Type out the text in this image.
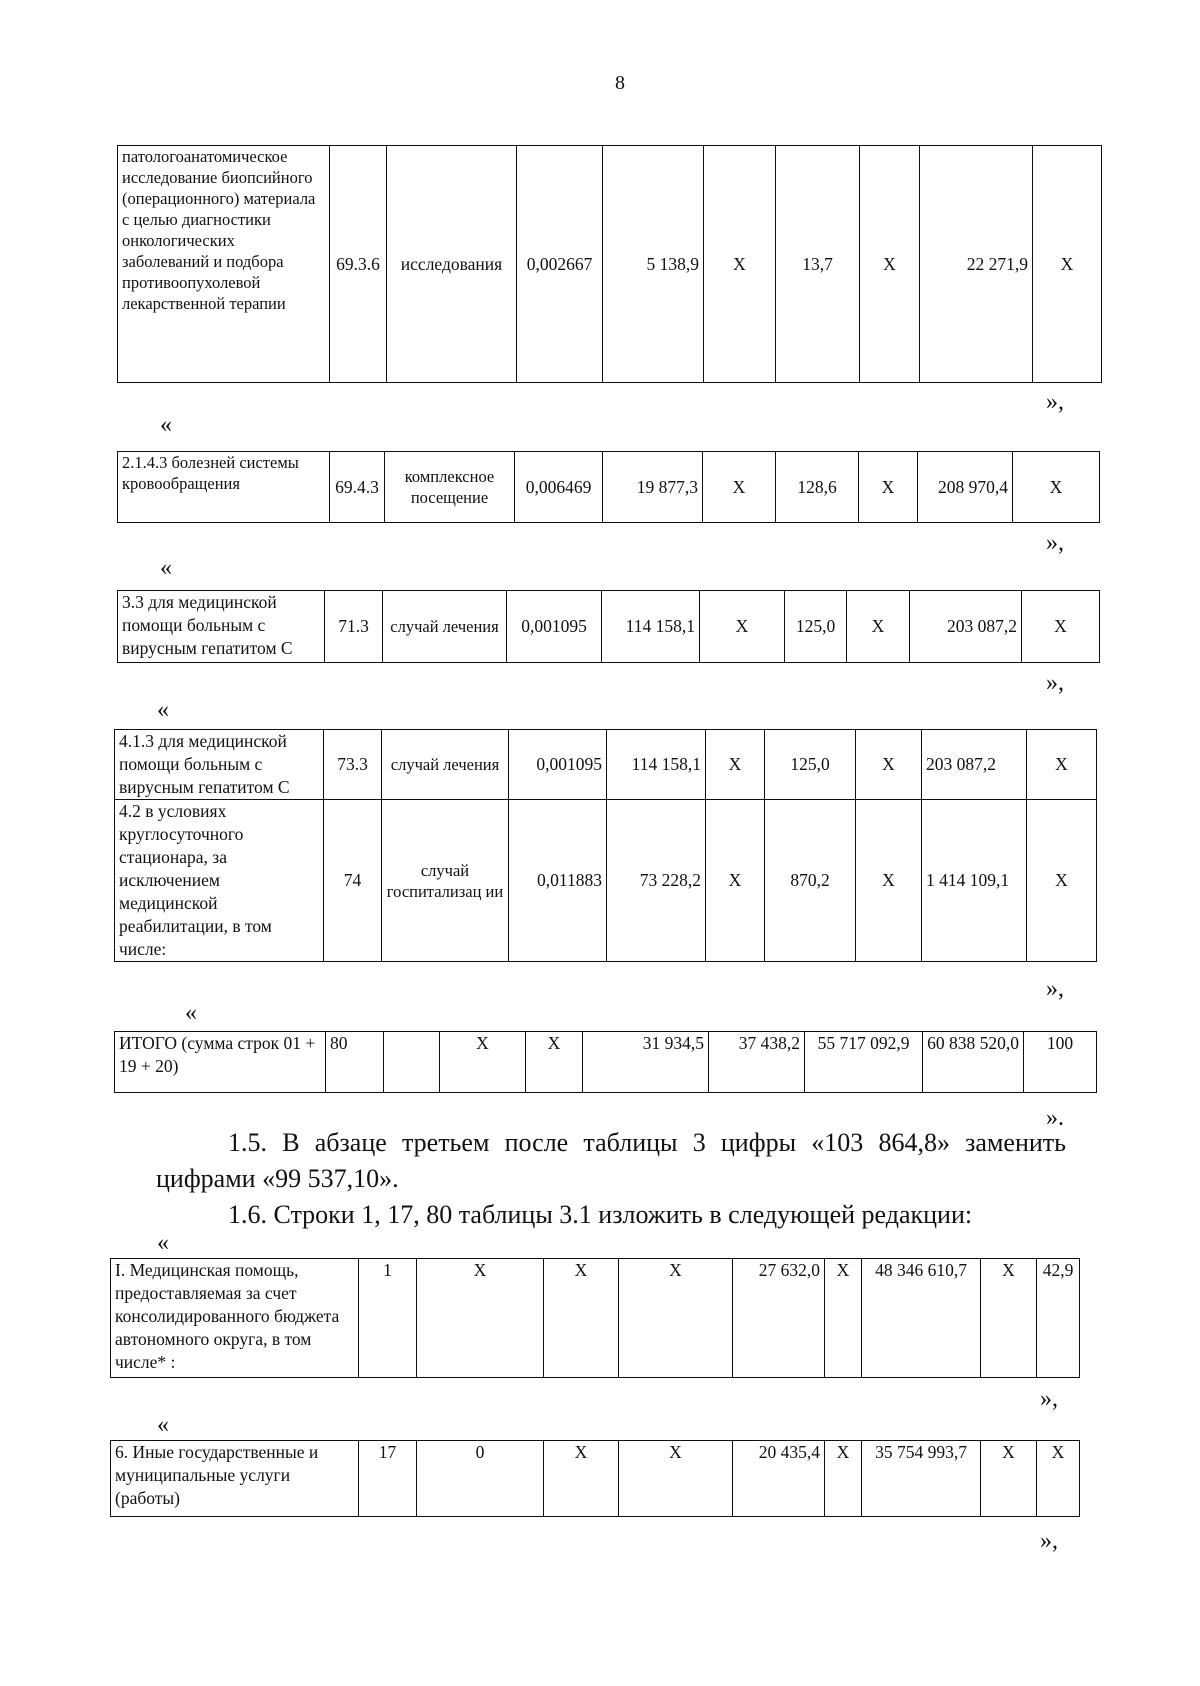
8
патологоанатомическое исследование биопсийного (операционного) материала с целью диагностики онкологических заболеваний и подбора противоопухолевой лекарственной терапии	69.3.6	исследования	0,002667	5 138,9	Х	13,7	Х	22 271,9	Х
»,
«
2.1.4.3 болезней системы кровообращения	69.4.3	комплексное посещение	0,006469	19 877,3	Х	128,6	Х	208 970,4	Х
»,
«
3.3 для медицинской помощи больным с вирусным гепатитом С	71.3	случай лечения	0,001095	114 158,1	Х	125,0	Х	203 087,2	Х
»,
«
4.1.3 для медицинской помощи больным с вирусным гепатитом С	73.3	случай лечения	0,001095	114 158,1	Х	125,0	Х	203 087,2	Х
4.2 в условиях круглосуточного стационара, за исключением медицинской реабилитации, в том числе:	74	случай госпитализац ии	0,011883	73 228,2	Х	870,2	Х	1 414 109,1	Х
»,
«
ИТОГО (сумма строк 01 + 19 + 20)	80		Х	Х	31 934,5	37 438,2	55 717 092,9	60 838 520,0	100
».

1.5. В абзаце третьем после таблицы 3 цифры «103 864,8» заменить цифрами «99 537,10».

1.6. Строки 1, 17, 80 таблицы 3.1 изложить в следующей редакции:

«
I. Медицинская помощь, предоставляемая за счет консолидированного бюджета автономного округа, в том числе* :	1	Х	Х	Х	27 632,0	Х	48 346 610,7	Х	42,9
»,
«
6. Иные государственные и муниципальные услуги (работы)	17	0	Х	Х	20 435,4	Х	35 754 993,7	Х	Х
»,
